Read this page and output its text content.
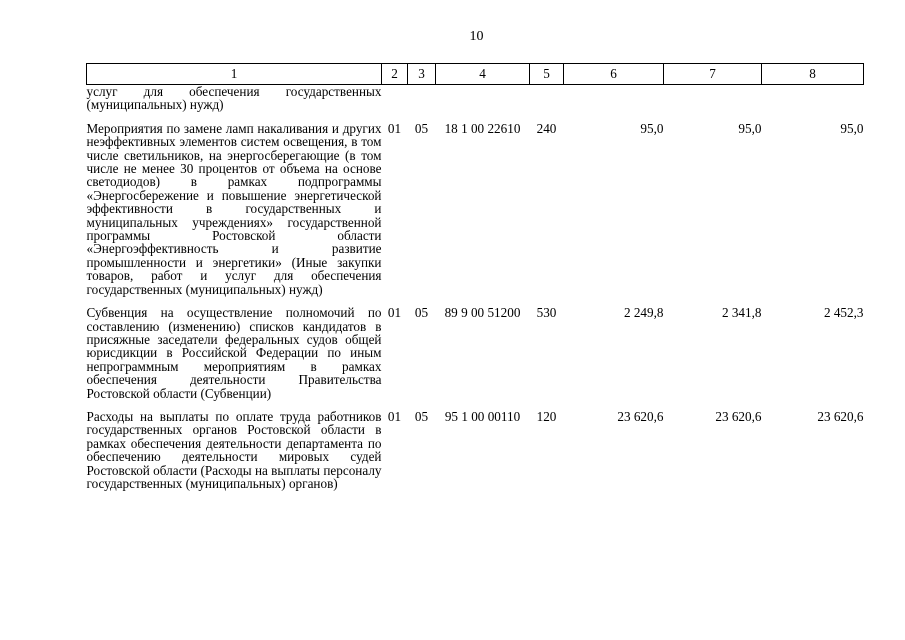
10
1	2	3	4	5	6	7	8
услуг для обеспечения государственных (муниципальных) нужд)							

Мероприятия по замене ламп накаливания и других неэффективных элементов систем освещения, в том числе светильников, на энергосберегающие (в том числе не менее 30 процентов от объема на основе светодиодов) в рамках подпрограммы «Энергосбережение и повышение энергетической эффективности в государственных и муниципальных учреждениях» государственной программы Ростовской области «Энергоэффективность и развитие промышленности и энергетики» (Иные закупки товаров, работ и услуг для обеспечения государственных (муниципальных) нужд)	01	05	18 1 00 22610	240	95,0	95,0	95,0

Субвенция на осуществление полномочий по составлению (изменению) списков кандидатов в присяжные заседатели федеральных судов общей юрисдикции в Российской Федерации по иным непрограммным мероприятиям в рамках обеспечения деятельности Правительства Ростовской области (Субвенции)	01	05	89 9 00 51200	530	2 249,8	2 341,8	2 452,3

Расходы на выплаты по оплате труда работников государственных органов Ростовской области в рамках обеспечения деятельности департамента по обеспечению деятельности мировых судей Ростовской области (Расходы на выплаты персоналу государственных (муниципальных) органов)	01	05	95 1 00 00110	120	23 620,6	23 620,6	23 620,6
